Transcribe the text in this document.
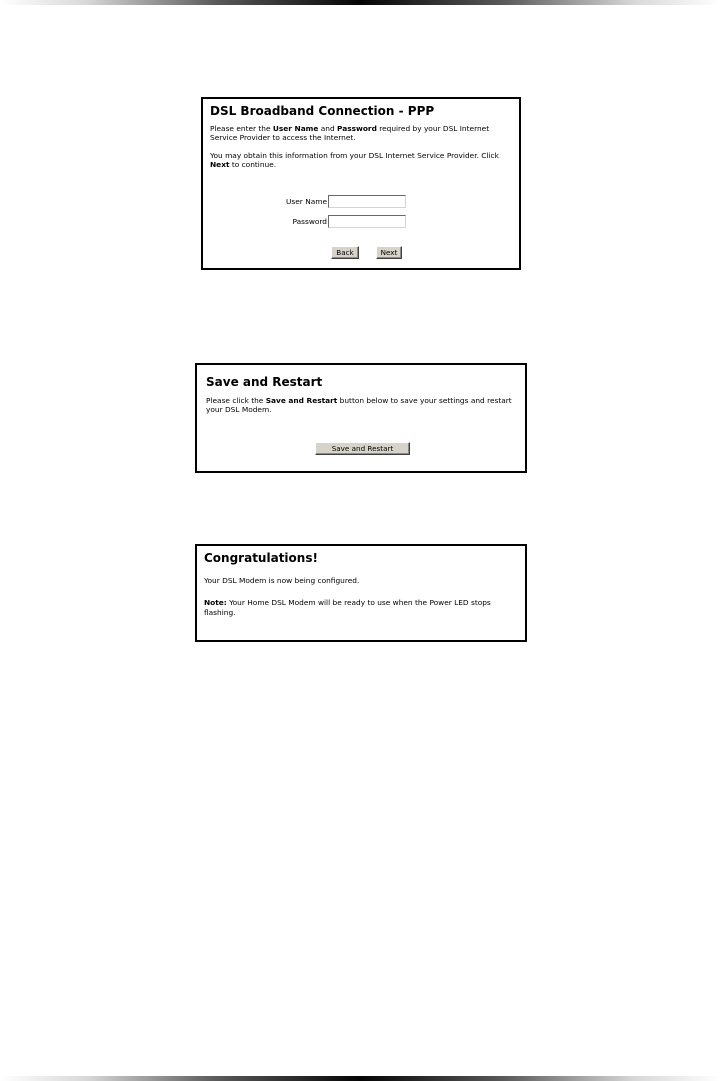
DSL Broadband Connection - PPP

Please enter the User Name and Password required by your DSL Internet Service Provider to access the Internet.

You may obtain this information from your DSL Internet Service Provider. Click Next to continue.

User Name
Password
Back	Next
Save and Restart

Please click the Save and Restart button below to save your settings and restart your DSL Modem.

Save and Restart
Congratulations!

Your DSL Modem is now being configured.

Note: Your Home DSL Modem will be ready to use when the Power LED stops flashing.
